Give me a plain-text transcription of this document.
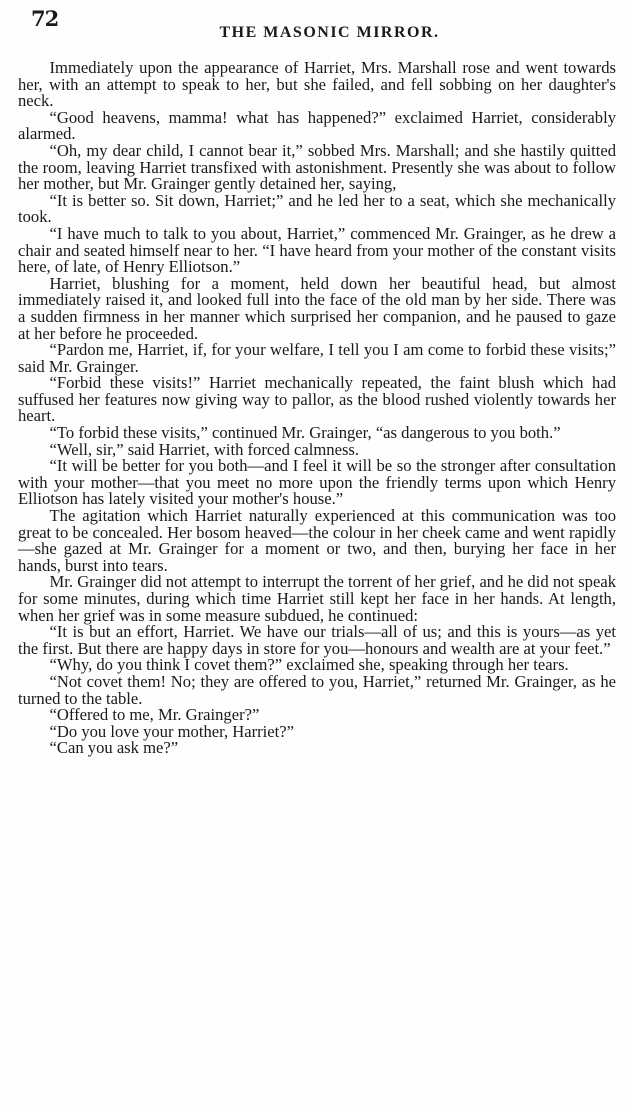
72
THE MASONIC MIRROR.

Immediately upon the appearance of Harriet, Mrs. Marshall rose and went towards her, with an attempt to speak to her, but she failed, and fell sobbing on her daughter's neck.

“Good heavens, mamma! what has happened?” exclaimed Harriet, considerably alarmed.

“Oh, my dear child, I cannot bear it,” sobbed Mrs. Marshall; and she hastily quitted the room, leaving Harriet transfixed with astonishment. Presently she was about to follow her mother, but Mr. Grainger gently detained her, saying,

“It is better so. Sit down, Harriet;” and he led her to a seat, which she mechanically took.

“I have much to talk to you about, Harriet,” commenced Mr. Grainger, as he drew a chair and seated himself near to her. “I have heard from your mother of the constant visits here, of late, of Henry Elliotson.”

Harriet, blushing for a moment, held down her beautiful head, but almost immediately raised it, and looked full into the face of the old man by her side. There was a sudden firmness in her manner which surprised her companion, and he paused to gaze at her before he proceeded.

“Pardon me, Harriet, if, for your welfare, I tell you I am come to forbid these visits;” said Mr. Grainger.

“Forbid these visits!” Harriet mechanically repeated, the faint blush which had suffused her features now giving way to pallor, as the blood rushed violently towards her heart.

“To forbid these visits,” continued Mr. Grainger, “as dangerous to you both.”

“Well, sir,” said Harriet, with forced calmness.

“It will be better for you both—and I feel it will be so the stronger after consultation with your mother—that you meet no more upon the friendly terms upon which Henry Elliotson has lately visited your mother's house.”

The agitation which Harriet naturally experienced at this communication was too great to be concealed. Her bosom heaved—the colour in her cheek came and went rapidly—she gazed at Mr. Grainger for a moment or two, and then, burying her face in her hands, burst into tears.

Mr. Grainger did not attempt to interrupt the torrent of her grief, and he did not speak for some minutes, during which time Harriet still kept her face in her hands. At length, when her grief was in some measure subdued, he continued:

“It is but an effort, Harriet. We have our trials—all of us; and this is yours—as yet the first. But there are happy days in store for you—honours and wealth are at your feet.”

“Why, do you think I covet them?” exclaimed she, speaking through her tears.

“Not covet them! No; they are offered to you, Harriet,” returned Mr. Grainger, as he turned to the table.

“Offered to me, Mr. Grainger?”

“Do you love your mother, Harriet?”

“Can you ask me?”
